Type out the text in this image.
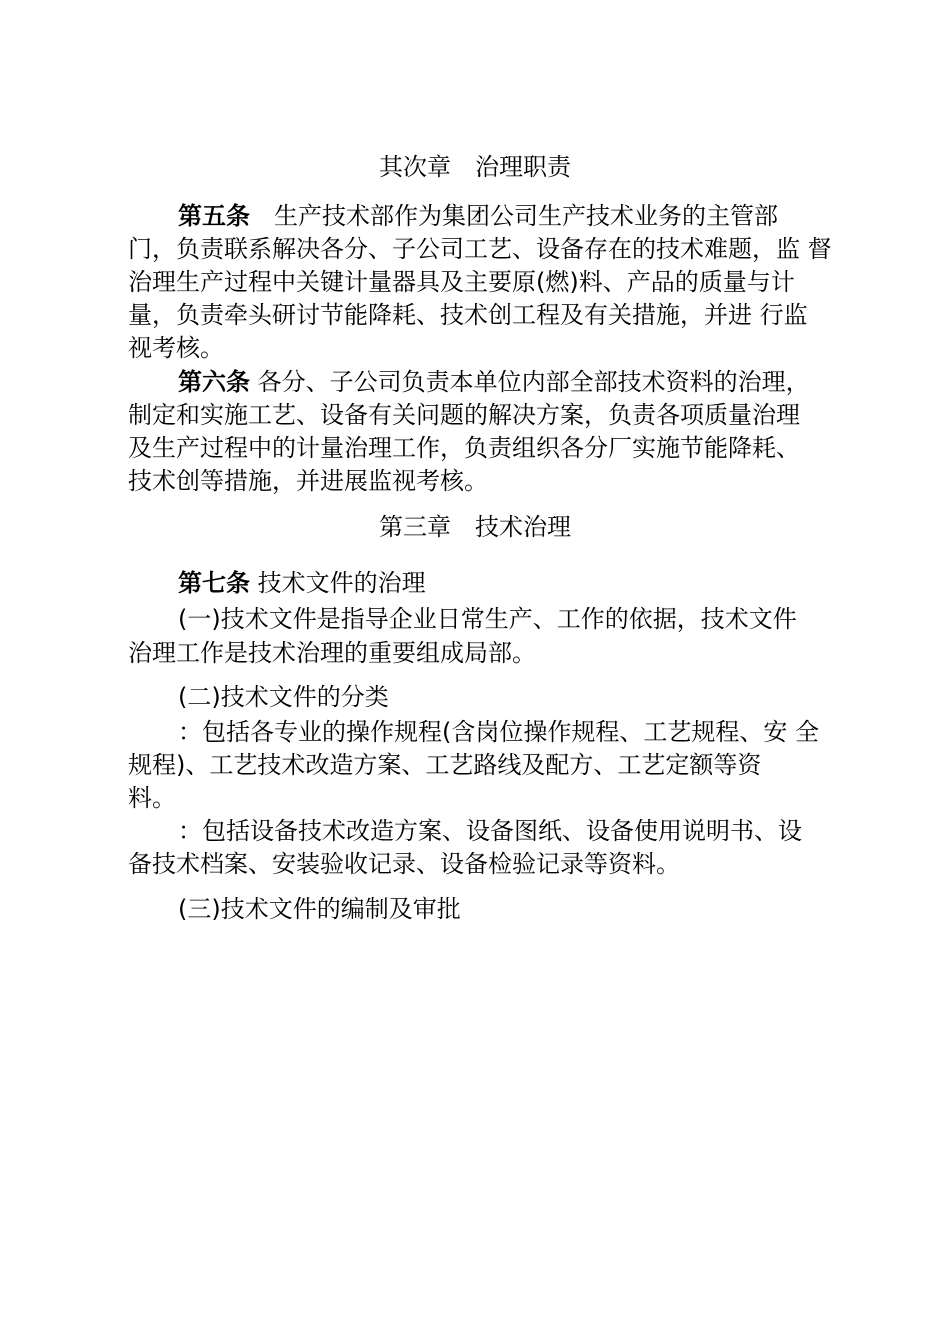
其次章　治理职责
第五条　 生产技术部作为集团公司生产技术业务的主管部
门，负责联系解决各分、子公司工艺、设备存在的技术难题，监 督
治理生产过程中关键计量器具及主要原(燃)料、产品的质量与计
量，负责牵头研讨节能降耗、技术创工程及有关措施，并进 行监
视考核。
第六条 各分、子公司负责本单位内部全部技术资料的治理，
制定和实施工艺、设备有关问题的解决方案，负责各项质量治理
及生产过程中的计量治理工作，负责组织各分厂实施节能降耗、
技术创等措施，并进展监视考核。
第三章　技术治理
第七条 技术文件的治理
(一)技术文件是指导企业日常生产、工作的依据，技术文件
治理工作是技术治理的重要组成局部。
(二)技术文件的分类
：包括各专业的操作规程(含岗位操作规程、工艺规程、安 全
规程)、工艺技术改造方案、工艺路线及配方、工艺定额等资
料。
：包括设备技术改造方案、设备图纸、设备使用说明书、设
备技术档案、安装验收记录、设备检验记录等资料。
(三)技术文件的编制及审批
